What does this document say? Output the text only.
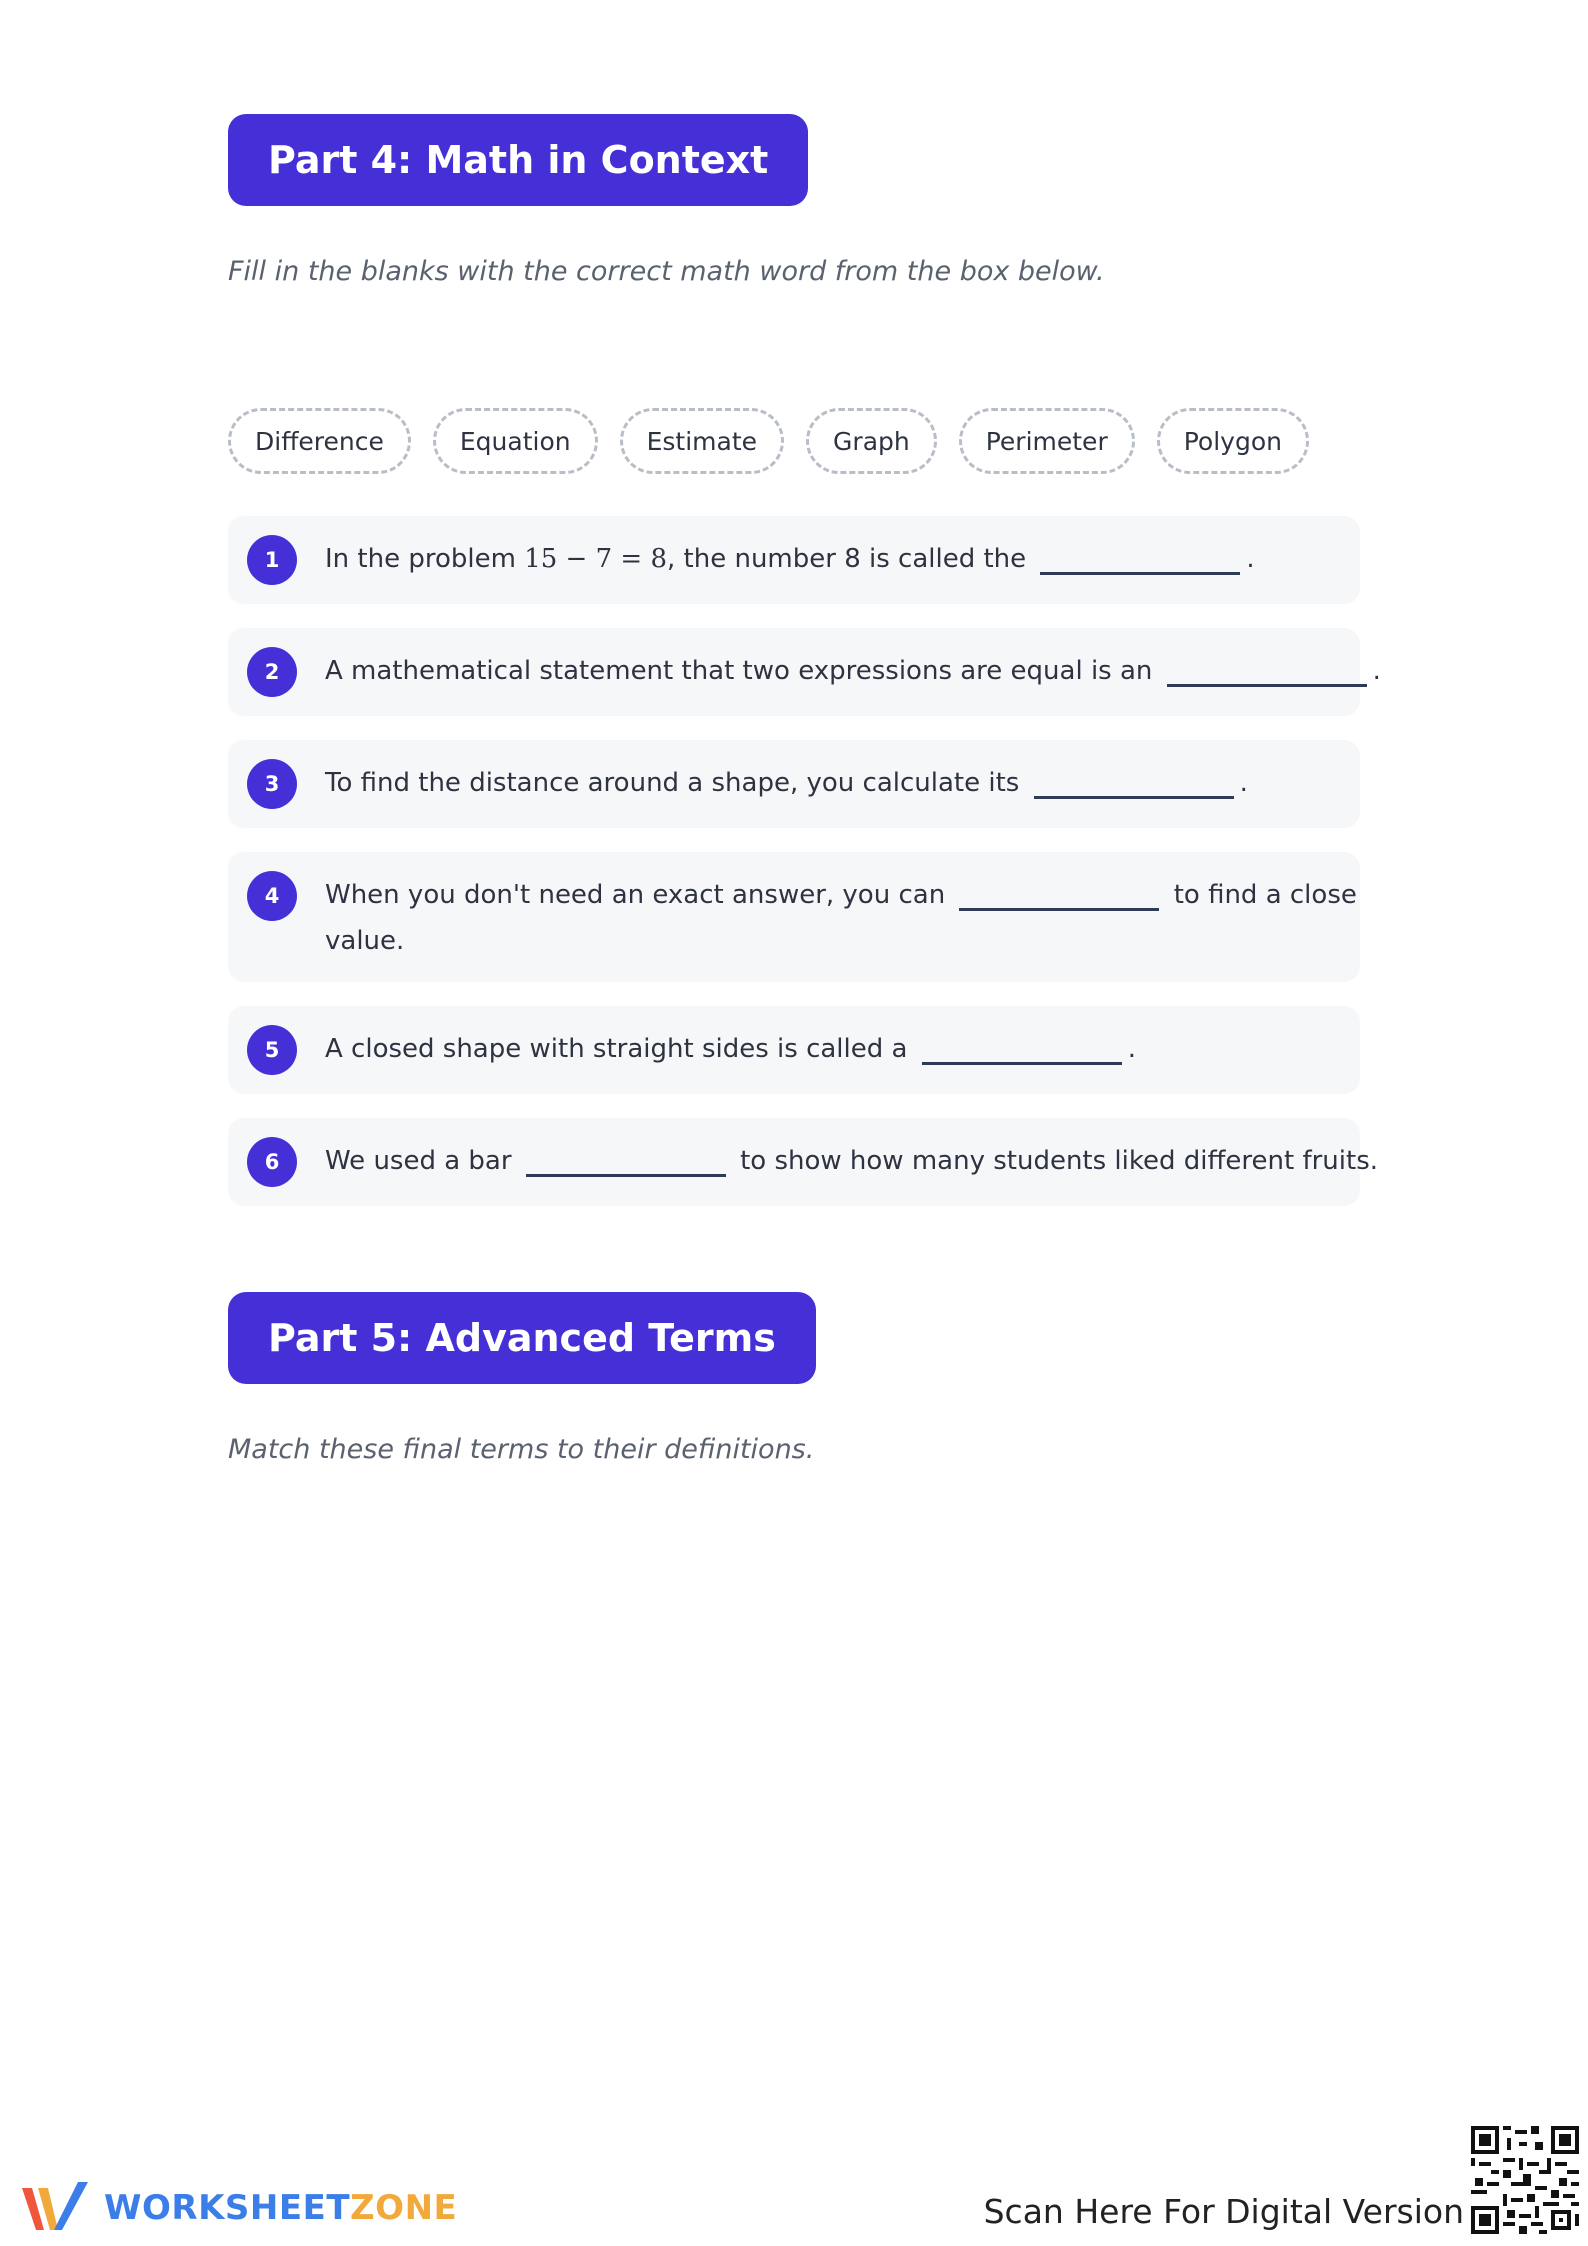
Part 4: Math in Context
Fill in the blanks with the correct math word from the box below.
Difference	Equation	Estimate	Graph	Perimeter	Polygon
1	In the problem 15 − 7 = 8, the number 8 is called the	.
2	A mathematical statement that two expressions are equal is an	.
3	To find the distance around a shape, you calculate its	.
4	When you don't need an exact answer, you can	to find a close
value.
5	A closed shape with straight sides is called a	.
6	We used a bar	to show how many students liked different fruits.
Part 5: Advanced Terms
Match these final terms to their definitions.
WORKSHEETZONE	Scan Here For Digital Version
